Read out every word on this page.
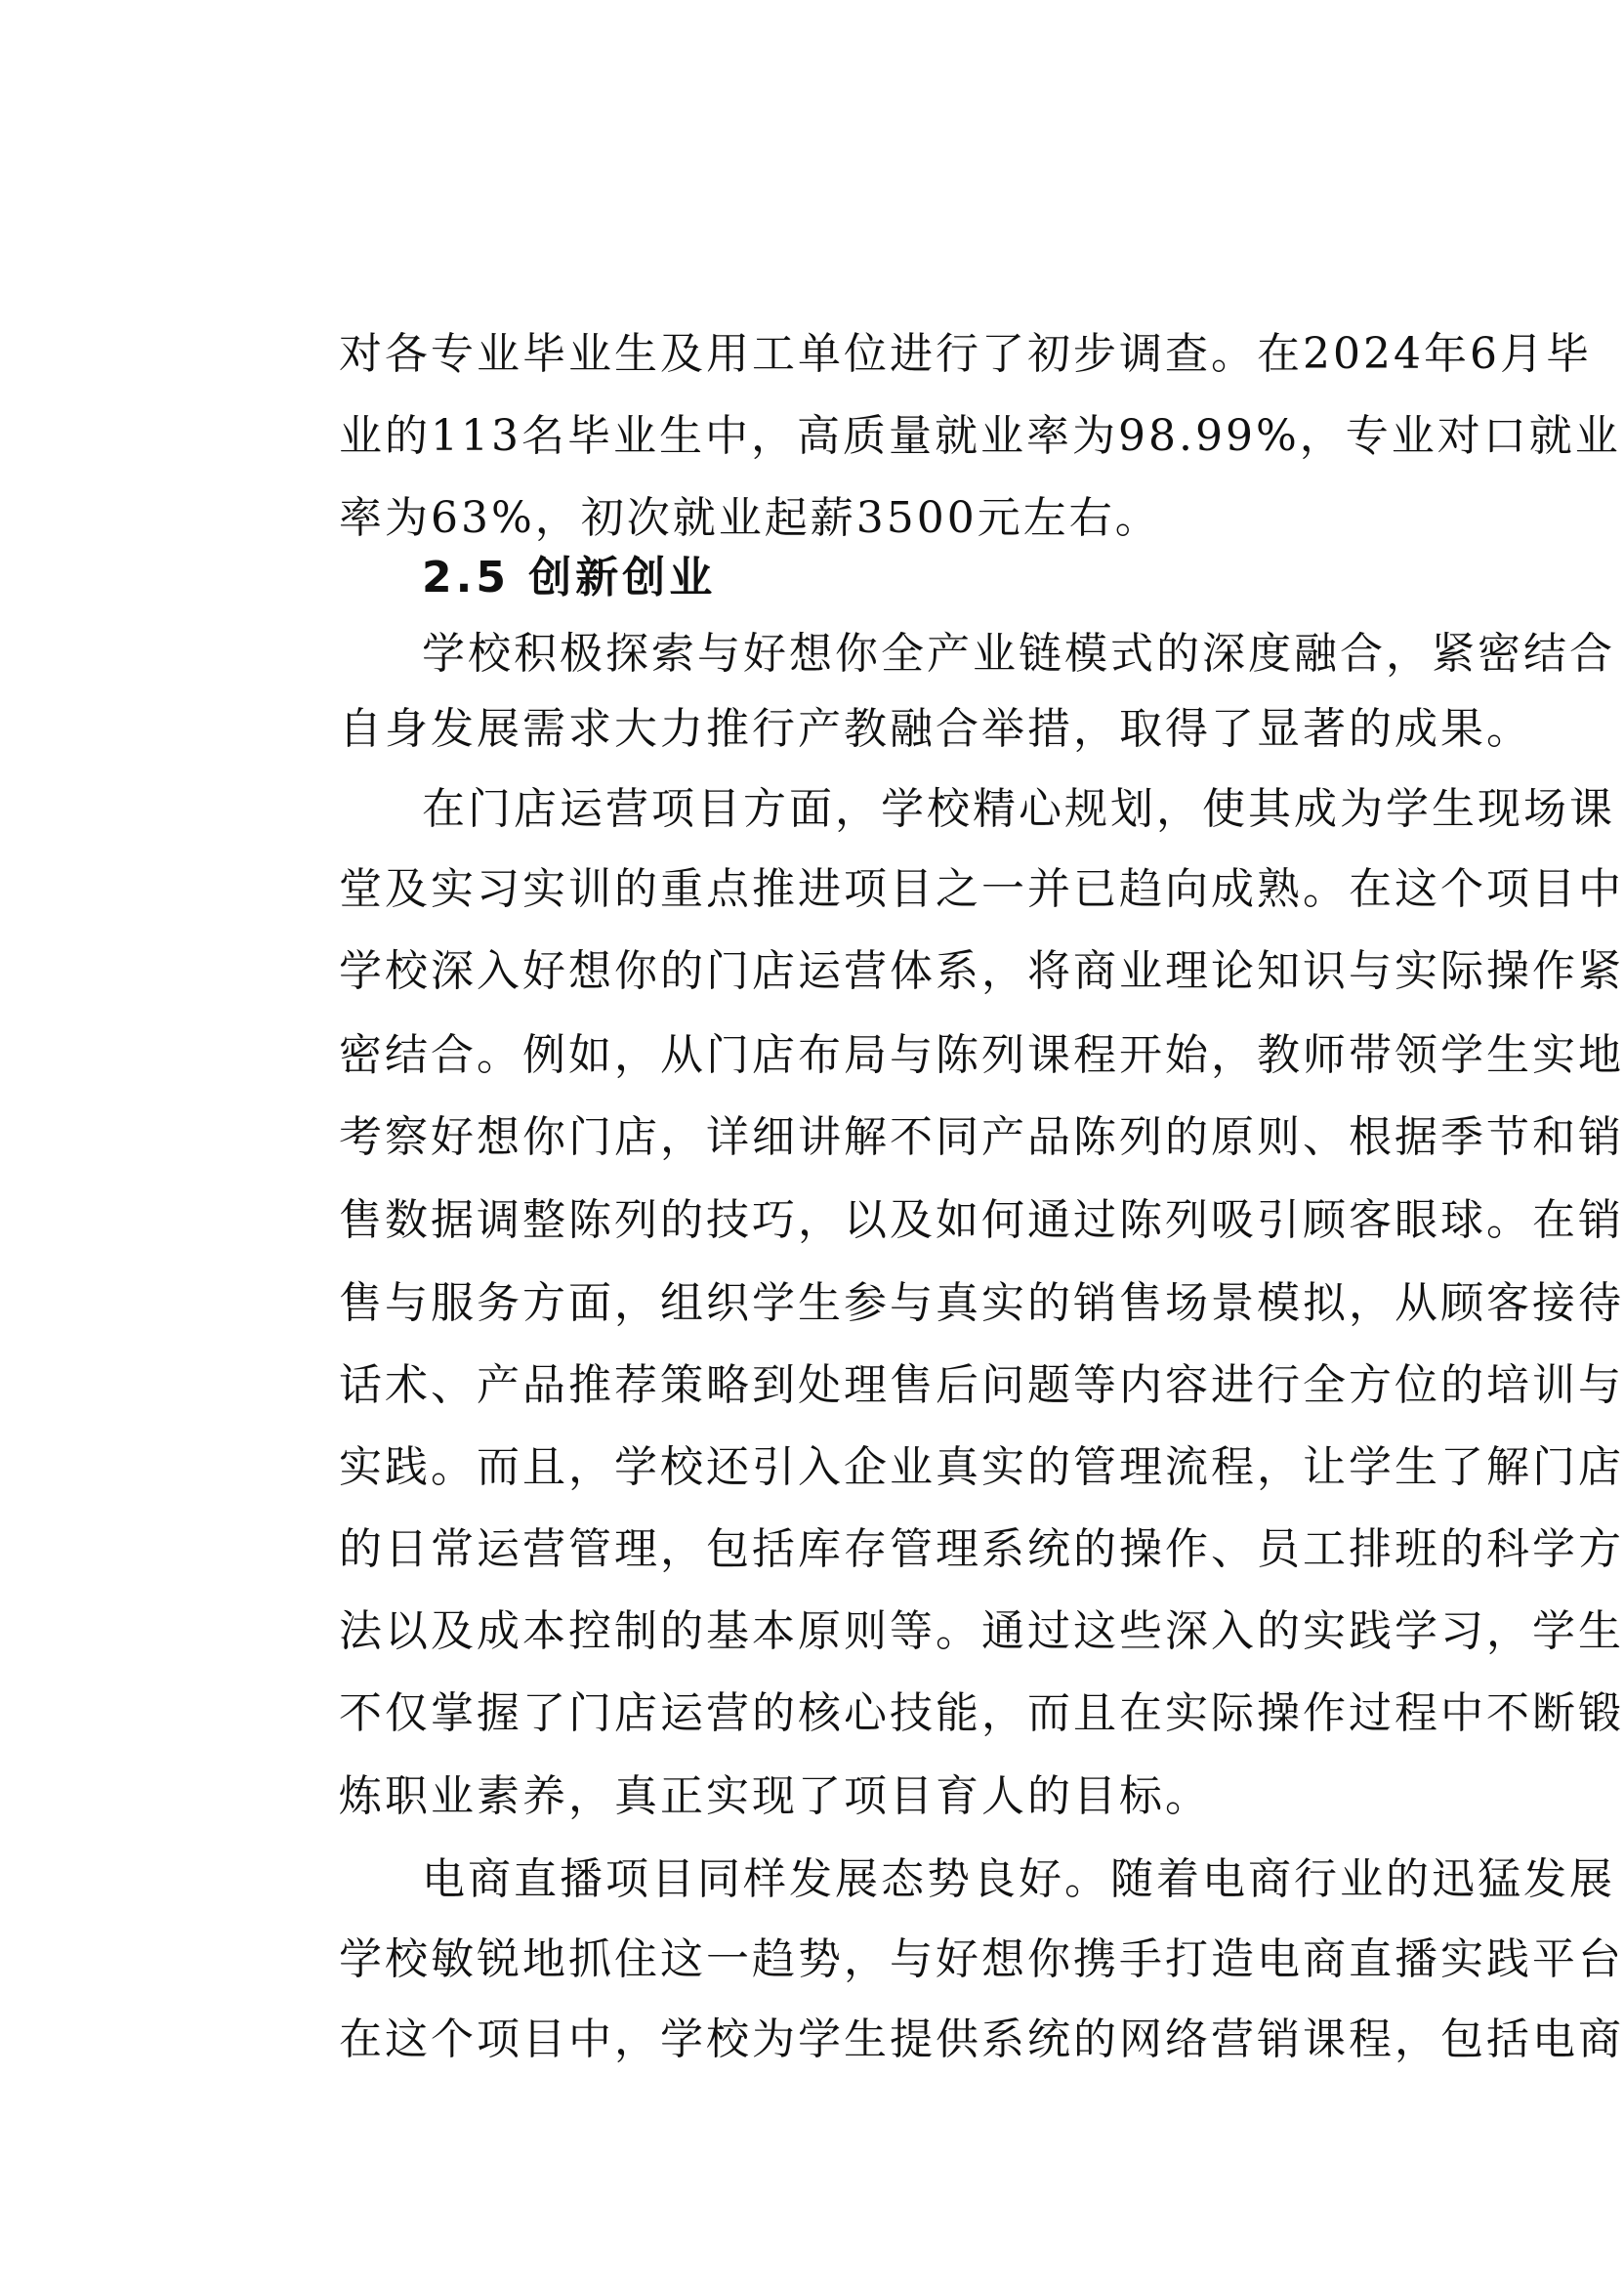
对各专业毕业生及用工单位进行了初步调查。在2024年6月毕
业的113名毕业生中，高质量就业率为98.99%，专业对口就业
率为63%，初次就业起薪3500元左右。
2.5 创新创业
学校积极探索与好想你全产业链模式的深度融合，紧密结合
自身发展需求大力推行产教融合举措，取得了显著的成果。
在门店运营项目方面，学校精心规划，使其成为学生现场课
堂及实习实训的重点推进项目之一并已趋向成熟。在这个项目中
学校深入好想你的门店运营体系，将商业理论知识与实际操作紧
密结合。例如，从门店布局与陈列课程开始，教师带领学生实地
考察好想你门店，详细讲解不同产品陈列的原则、根据季节和销
售数据调整陈列的技巧，以及如何通过陈列吸引顾客眼球。在销
售与服务方面，组织学生参与真实的销售场景模拟，从顾客接待
话术、产品推荐策略到处理售后问题等内容进行全方位的培训与
实践。而且，学校还引入企业真实的管理流程，让学生了解门店
的日常运营管理，包括库存管理系统的操作、员工排班的科学方
法以及成本控制的基本原则等。通过这些深入的实践学习，学生
不仅掌握了门店运营的核心技能，而且在实际操作过程中不断锻
炼职业素养，真正实现了项目育人的目标。
电商直播项目同样发展态势良好。随着电商行业的迅猛发展
学校敏锐地抓住这一趋势，与好想你携手打造电商直播实践平台
在这个项目中，学校为学生提供系统的网络营销课程，包括电商
